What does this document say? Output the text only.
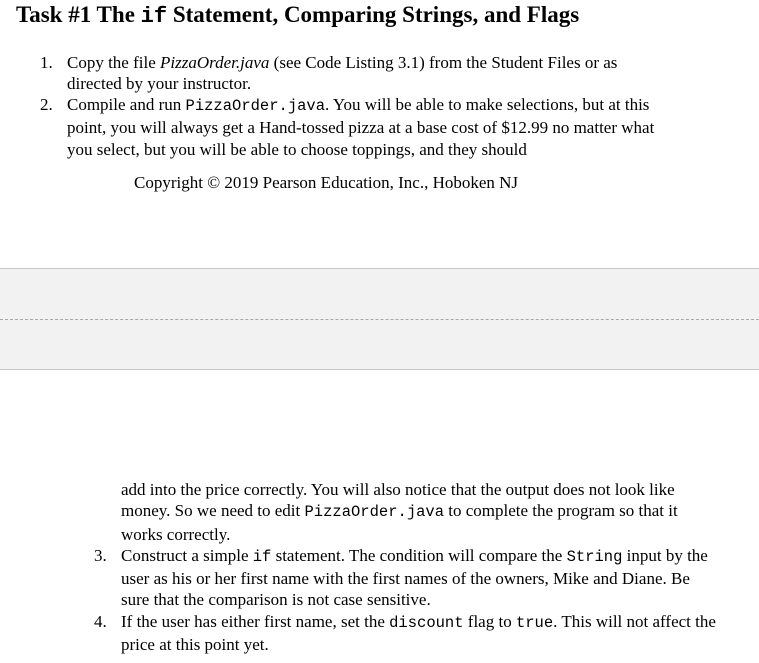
Task #1 The if Statement, Comparing Strings, and Flags
1. Copy the file PizzaOrder.java (see Code Listing 3.1) from the Student Files or as directed by your instructor.
2. Compile and run PizzaOrder.java. You will be able to make selections, but at this point, you will always get a Hand-tossed pizza at a base cost of $12.99 no matter what you select, but you will be able to choose toppings, and they should
Copyright © 2019 Pearson Education, Inc., Hoboken NJ
add into the price correctly. You will also notice that the output does not look like money. So we need to edit PizzaOrder.java to complete the program so that it works correctly.
3. Construct a simple if statement. The condition will compare the String input by the user as his or her first name with the first names of the owners, Mike and Diane. Be sure that the comparison is not case sensitive.
4. If the user has either first name, set the discount flag to true. This will not affect the price at this point yet.
